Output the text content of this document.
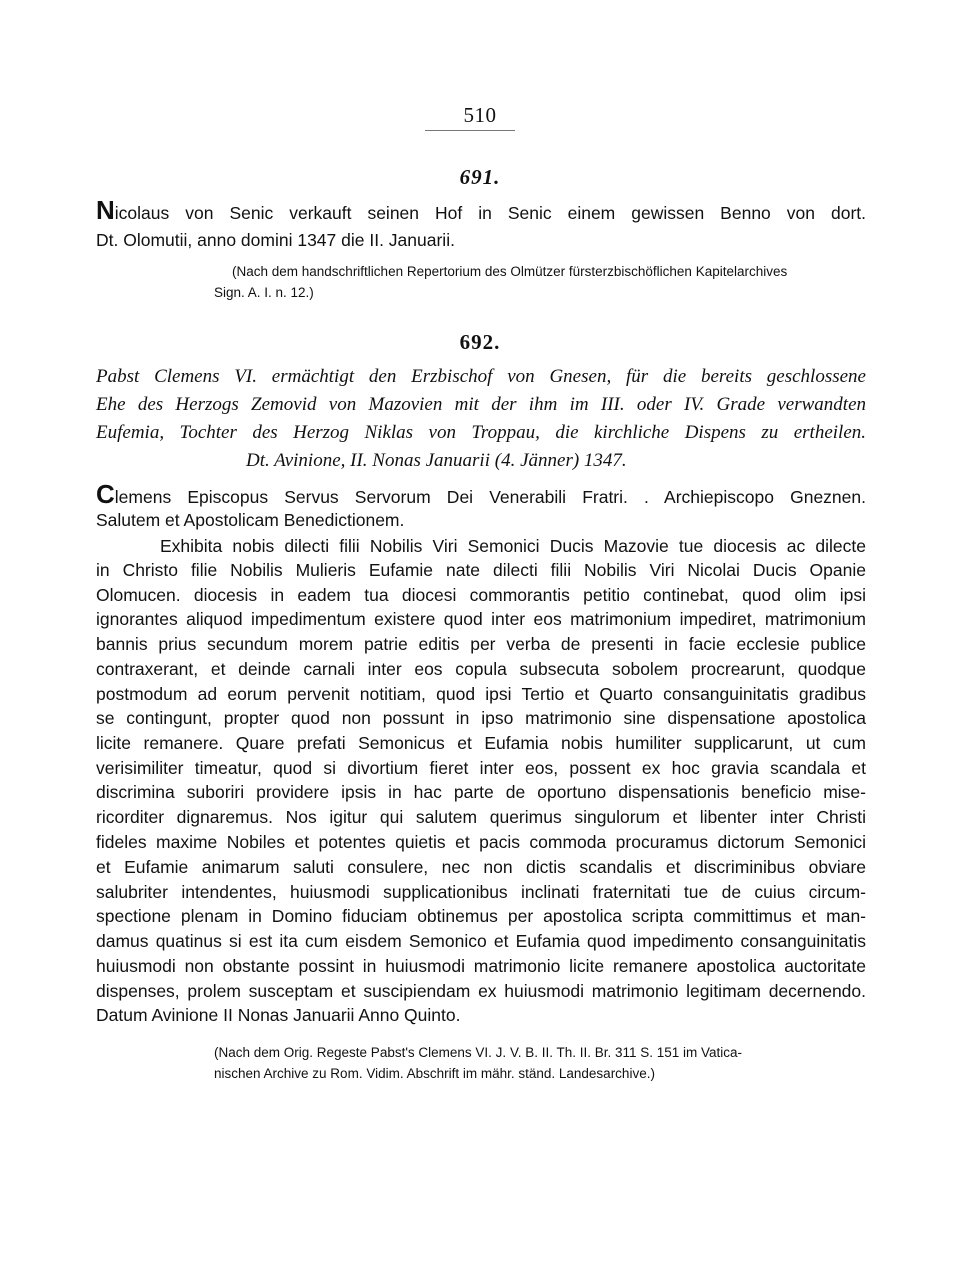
510
691.
Nicolaus von Senic verkauft seinen Hof in Senic einem gewissen Benno von dort.
Dt. Olomutii, anno domini 1347 die II. Januarii.
(Nach dem handschriftlichen Repertorium des Olmützer fürsterzbischöflichen Kapitelarchives
Sign. A. I. n. 12.)
692.
Pabst Clemens VI. ermächtigt den Erzbischof von Gnesen, für die bereits geschlossene
Ehe des Herzogs Zemovid von Mazovien mit der ihm im III. oder IV. Grade verwandten
Eufemia, Tochter des Herzog Niklas von Troppau, die kirchliche Dispens zu ertheilen.
Dt. Avinione, II. Nonas Januarii (4. Jänner) 1347.
Clemens Episcopus Servus Servorum Dei Venerabili Fratri. . Archiepiscopo Gneznen.
Salutem et Apostolicam Benedictionem.
Exhibita nobis dilecti filii Nobilis Viri Semonici Ducis Mazovie tue diocesis ac dilecte
in Christo filie Nobilis Mulieris Eufamie nate dilecti filii Nobilis Viri Nicolai Ducis Opanie
Olomucen. diocesis in eadem tua diocesi commorantis petitio continebat, quod olim ipsi
ignorantes aliquod impedimentum existere quod inter eos matrimonium impediret, matrimonium
bannis prius secundum morem patrie editis per verba de presenti in facie ecclesie publice
contraxerant, et deinde carnali inter eos copula subsecuta sobolem procrearunt, quodque
postmodum ad eorum pervenit notitiam, quod ipsi Tertio et Quarto consanguinitatis gradibus
se contingunt, propter quod non possunt in ipso matrimonio sine dispensatione apostolica
licite remanere. Quare prefati Semonicus et Eufamia nobis humiliter supplicarunt, ut cum
verisimiliter timeatur, quod si divortium fieret inter eos, possent ex hoc gravia scandala et
discrimina suboriri providere ipsis in hac parte de oportuno dispensationis beneficio mise-
ricorditer dignaremus. Nos igitur qui salutem querimus singulorum et libenter inter Christi
fideles maxime Nobiles et potentes quietis et pacis commoda procuramus dictorum Semonici
et Eufamie animarum saluti consulere, nec non dictis scandalis et discriminibus obviare
salubriter intendentes, huiusmodi supplicationibus inclinati fraternitati tue de cuius circum-
spectione plenam in Domino fiduciam obtinemus per apostolica scripta committimus et man-
damus quatinus si est ita cum eisdem Semonico et Eufamia quod impedimento consanguinitatis
huiusmodi non obstante possint in huiusmodi matrimonio licite remanere apostolica auctoritate
dispenses, prolem susceptam et suscipiendam ex huiusmodi matrimonio legitimam decernendo.
Datum Avinione II Nonas Januarii Anno Quinto.
(Nach dem Orig. Regeste Pabst's Clemens VI. J. V. B. II. Th. II. Br. 311 S. 151 im Vatica-
nischen Archive zu Rom. Vidim. Abschrift im mähr. ständ. Landesarchive.)
